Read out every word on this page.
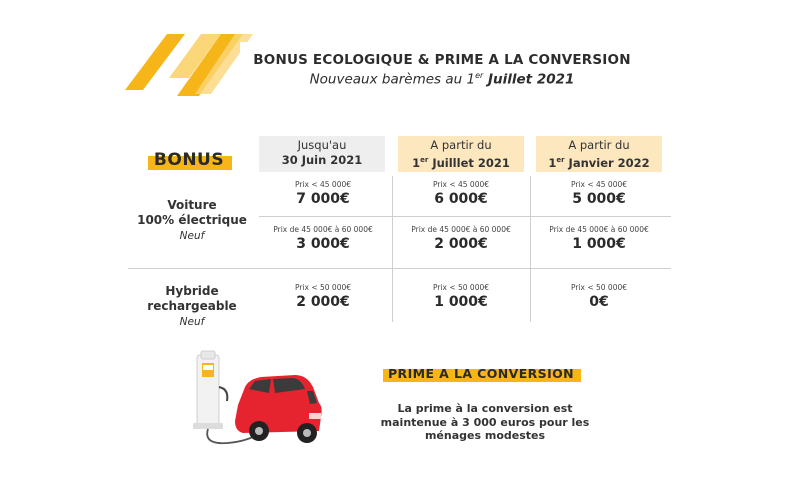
BONUS ECOLOGIQUE & PRIME A LA CONVERSION
Nouveaux barèmes au 1er Juillet 2021
BONUS
Jusqu'au
30 Juin 2021
A partir du
1er Juilllet 2021
A partir du
1er Janvier 2022
Voiture
100% électrique
Neuf
Hybride
rechargeable
Neuf
Prix < 45 000€
7 000€
Prix < 45 000€
6 000€
Prix < 45 000€
5 000€
Prix de 45 000€ à 60 000€
3 000€
Prix de 45 000€ à 60 000€
2 000€
Prix de 45 000€ à 60 000€
1 000€
Prix < 50 000€
2 000€
Prix < 50 000€
1 000€
Prix < 50 000€
0€
PRIME A LA CONVERSION
La prime à la conversion est
maintenue à 3 000 euros pour les
ménages modestes
